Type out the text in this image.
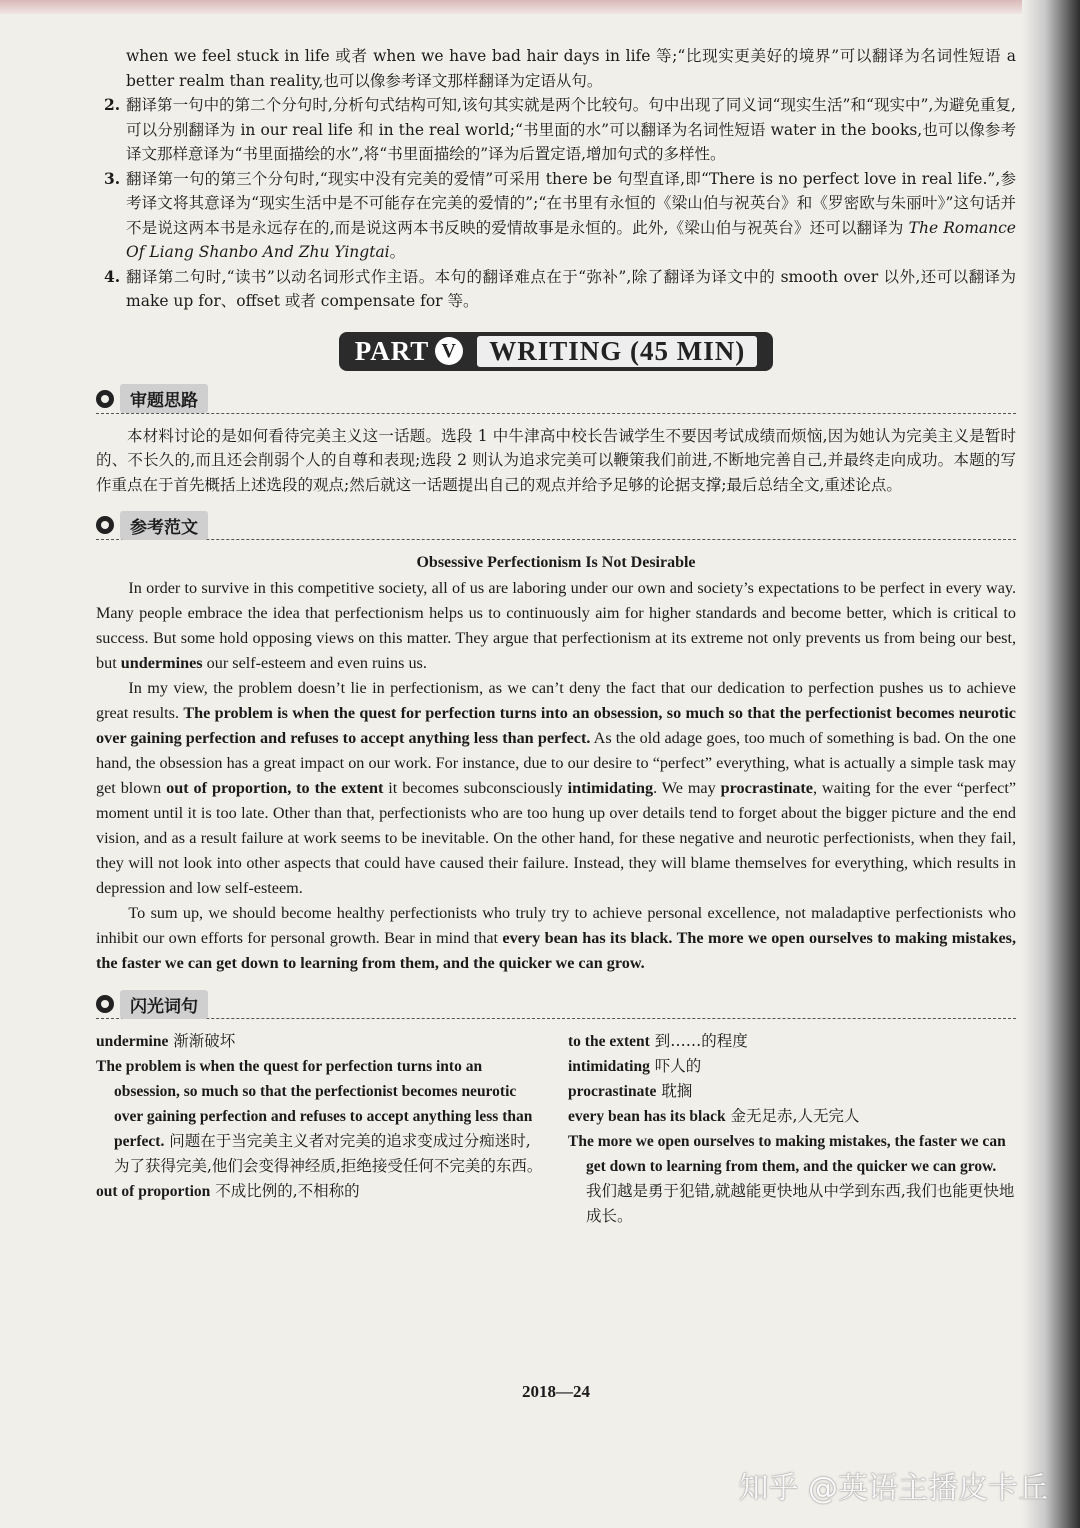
when we feel stuck in life 或者 when we have bad hair days in life 等;“比现实更美好的境界”可以翻译为名词性短语 a better realm than reality,也可以像参考译文那样翻译为定语从句。

2. 翻译第一句中的第二个分句时,分析句式结构可知,该句其实就是两个比较句。句中出现了同义词“现实生活”和“现实中”,为避免重复,可以分别翻译为 in our real life 和 in the real world;“书里面的水”可以翻译为名词性短语 water in the books,也可以像参考译文那样意译为“书里面描绘的水”,将“书里面描绘的”译为后置定语,增加句式的多样性。
3. 翻译第一句的第三个分句时,“现实中没有完美的爱情”可采用 there be 句型直译,即“There is no perfect love in real life.”,参考译文将其意译为“现实生活中是不可能存在完美的爱情的”;“在书里有永恒的《梁山伯与祝英台》和《罗密欧与朱丽叶》”这句话并不是说这两本书是永远存在的,而是说这两本书反映的爱情故事是永恒的。此外,《梁山伯与祝英台》还可以翻译为 The Romance Of Liang Shanbo And Zhu Yingtai。
4. 翻译第二句时,“读书”以动名词形式作主语。本句的翻译难点在于“弥补”,除了翻译为译文中的 smooth over 以外,还可以翻译为 make up for、offset 或者 compensate for 等。
PART V	WRITING (45 MIN)
审题思路

本材料讨论的是如何看待完美主义这一话题。选段 1 中牛津高中校长告诫学生不要因考试成绩而烦恼,因为她认为完美主义是暂时的、不长久的,而且还会削弱个人的自尊和表现;选段 2 则认为追求完美可以鞭策我们前进,不断地完善自己,并最终走向成功。本题的写作重点在于首先概括上述选段的观点;然后就这一话题提出自己的观点并给予足够的论据支撑;最后总结全文,重述论点。

参考范文

Obsessive Perfectionism Is Not Desirable

In order to survive in this competitive society, all of us are laboring under our own and society’s expectations to be perfect in every way. Many people embrace the idea that perfectionism helps us to continuously aim for higher standards and become better, which is critical to success. But some hold opposing views on this matter. They argue that perfectionism at its extreme not only prevents us from being our best, but undermines our self-esteem and even ruins us.

In my view, the problem doesn’t lie in perfectionism, as we can’t deny the fact that our dedication to perfection pushes us to achieve great results. The problem is when the quest for perfection turns into an obsession, so much so that the perfectionist becomes neurotic over gaining perfection and refuses to accept anything less than perfect. As the old adage goes, too much of something is bad. On the one hand, the obsession has a great impact on our work. For instance, due to our desire to “perfect” everything, what is actually a simple task may get blown out of proportion, to the extent it becomes subconsciously intimidating. We may procrastinate, waiting for the ever “perfect” moment until it is too late. Other than that, perfectionists who are too hung up over details tend to forget about the bigger picture and the end vision, and as a result failure at work seems to be inevitable. On the other hand, for these negative and neurotic perfectionists, when they fail, they will not look into other aspects that could have caused their failure. Instead, they will blame themselves for everything, which results in depression and low self-esteem.

To sum up, we should become healthy perfectionists who truly try to achieve personal excellence, not maladaptive perfectionists who inhibit our own efforts for personal growth. Bear in mind that every bean has its black. The more we open ourselves to making mistakes, the faster we can get down to learning from them, and the quicker we can grow.

闪光词句

undermine 渐渐破坏

The problem is when the quest for perfection turns into an obsession, so much so that the perfectionist becomes neurotic over gaining perfection and refuses to accept anything less than perfect. 问题在于当完美主义者对完美的追求变成过分痴迷时,为了获得完美,他们会变得神经质,拒绝接受任何不完美的东西。

out of proportion 不成比例的,不相称的

to the extent 到……的程度

intimidating 吓人的

procrastinate 耽搁

every bean has its black 金无足赤,人无完人

The more we open ourselves to making mistakes, the faster we can get down to learning from them, and the quicker we can grow. 我们越是勇于犯错,就越能更快地从中学到东西,我们也能更快地成长。

2018—24
知乎 @英语主播皮卡丘
